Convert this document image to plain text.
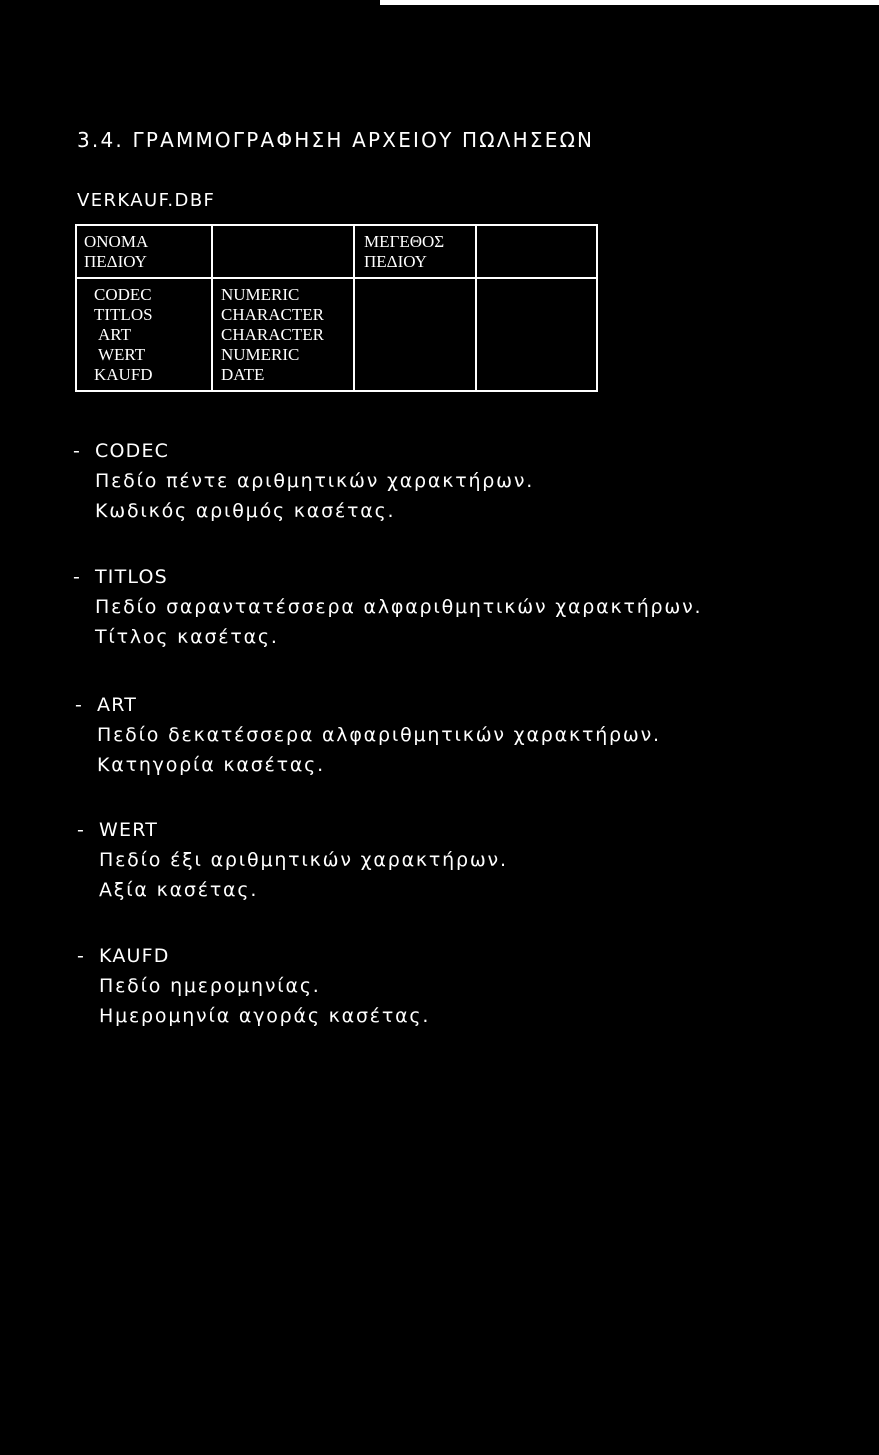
3.4. ΓΡΑΜΜΟΓΡΑΦΗΣΗ ΑΡΧΕΙΟΥ ΠΩΛΗΣΕΩΝ
VERKAUF.DBF
ΟΝΟΜΑ
ΠΕΔΙΟΥ
ΜΕΓΕΘΟΣ
ΠΕΔΙΟΥ
CODEC
TITLOS
ART
WERT
KAUFD
NUMERIC
CHARACTER
CHARACTER
NUMERIC
DATE
- CODEC
Πεδίο πέντε αριθμητικών χαρακτήρων.
Κωδικός αριθμός κασέτας.
- TITLOS
Πεδίο σαραντατέσσερα αλφαριθμητικών χαρακτήρων.
Τίτλος κασέτας.
- ART
Πεδίο δεκατέσσερα αλφαριθμητικών χαρακτήρων.
Κατηγορία κασέτας.
- WERT
Πεδίο έξι αριθμητικών χαρακτήρων.
Αξία κασέτας.
- KAUFD
Πεδίο ημερομηνίας.
Ημερομηνία αγοράς κασέτας.
